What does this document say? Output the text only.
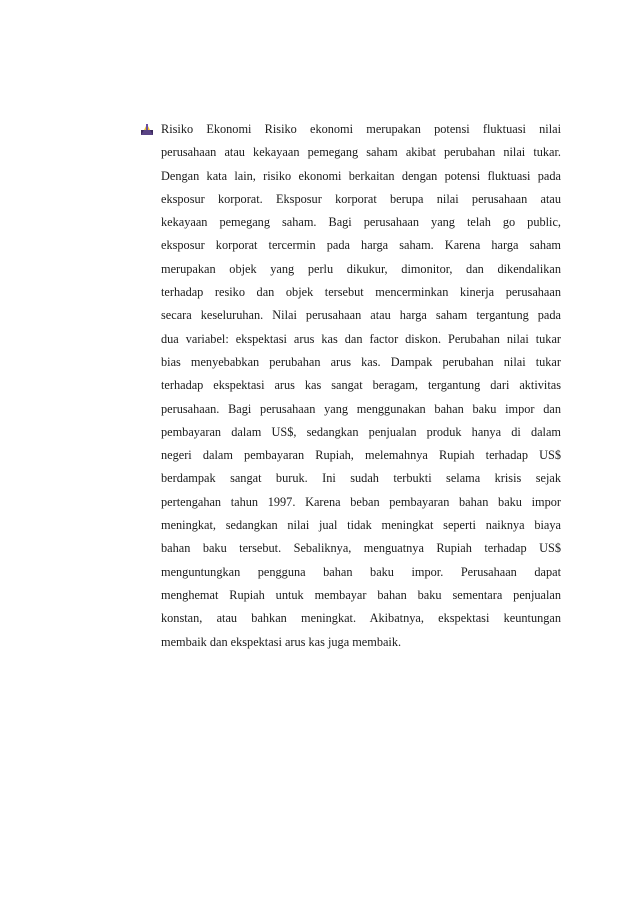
Risiko Ekonomi Risiko ekonomi merupakan potensi fluktuasi nilai
perusahaan atau kekayaan pemegang saham akibat perubahan nilai tukar.
Dengan kata lain, risiko ekonomi berkaitan dengan potensi fluktuasi pada
eksposur korporat. Eksposur korporat berupa nilai perusahaan atau
kekayaan pemegang saham. Bagi perusahaan yang telah go public,
eksposur korporat tercermin pada harga saham. Karena harga saham
merupakan objek yang perlu dikukur, dimonitor, dan dikendalikan
terhadap resiko dan objek tersebut mencerminkan kinerja perusahaan
secara keseluruhan. Nilai perusahaan atau harga saham tergantung pada
dua variabel: ekspektasi arus kas dan factor diskon. Perubahan nilai tukar
bias menyebabkan perubahan arus kas. Dampak perubahan nilai tukar
terhadap ekspektasi arus kas sangat beragam, tergantung dari aktivitas
perusahaan. Bagi perusahaan yang menggunakan bahan baku impor dan
pembayaran dalam US$, sedangkan penjualan produk hanya di dalam
negeri dalam pembayaran Rupiah, melemahnya Rupiah terhadap US$
berdampak sangat buruk. Ini sudah terbukti selama krisis sejak
pertengahan tahun 1997. Karena beban pembayaran bahan baku impor
meningkat, sedangkan nilai jual tidak meningkat seperti naiknya biaya
bahan baku tersebut. Sebaliknya, menguatnya Rupiah terhadap US$
menguntungkan pengguna bahan baku impor. Perusahaan dapat
menghemat Rupiah untuk membayar bahan baku sementara penjualan
konstan, atau bahkan meningkat. Akibatnya, ekspektasi keuntungan
membaik dan ekspektasi arus kas juga membaik.
